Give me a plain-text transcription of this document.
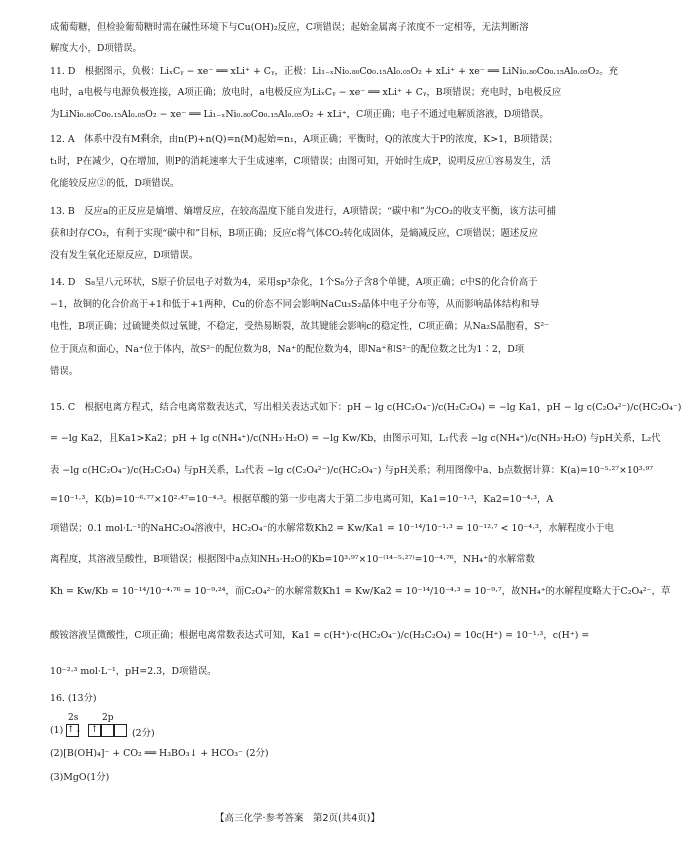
成葡萄糖，但检验葡萄糖时需在碱性环境下与Cu(OH)₂反应，C项错误；起始金属离子浓度不一定相等，无法判断溶
解度大小，D项错误。
11. D　根据图示，负极：LiₓCᵧ − xe⁻ ══ xLi⁺ + Cᵧ，正极：Li₁₋ₓNi₀.₈₀Co₀.₁₅Al₀.₀₅O₂ + xLi⁺ + xe⁻ ══ LiNi₀.₈₀Co₀.₁₅Al₀.₀₅O₂。充
电时，a电极与电源负极连接，A项正确；放电时，a电极反应为LiₓCᵧ − xe⁻ ══ xLi⁺ + Cᵧ，B项错误；充电时，b电极反应
为LiNi₀.₈₀Co₀.₁₅Al₀.₀₅O₂ − xe⁻ ══ Li₁₋ₓNi₀.₈₀Co₀.₁₅Al₀.₀₅O₂ + xLi⁺，C项正确；电子不通过电解质溶液，D项错误。
12. A　体系中没有M剩余，由n(P)+n(Q)=n(M)起始=n₁，A项正确；平衡时，Q的浓度大于P的浓度，K>1，B项错误；
t₁时，P在减少，Q在增加，则P的消耗速率大于生成速率，C项错误；由图可知，开始时生成P，说明反应①容易发生，活
化能较反应②的低，D项错误。
13. B　反应a的正反应是熵增、熵增反应，在较高温度下能自发进行，A项错误；“碳中和”为CO₂的收支平衡，该方法可捕
获和封存CO₂，有利于实现“碳中和”目标，B项正确；反应c将气体CO₂转化成固体，是熵减反应，C项错误；题述反应
没有发生氧化还原反应，D项错误。
14. D　S₈呈八元环状，S原子价层电子对数为4，采用sp³杂化，1个S₈分子含8个单键，A项正确；c中S的化合价高于
−1，故铜的化合价高于+1和低于+1两种，Cu的价态不同会影响NaCu₃S₂晶体中电子分布等，从而影响晶体结构和导
电性，B项正确；过硫键类似过氧键，不稳定，受热易断裂，故其键能会影响c的稳定性，C项正确；从Na₂S晶胞看，S²⁻
位于顶点和面心，Na⁺位于体内，故S²⁻的配位数为8，Na⁺的配位数为4，即Na⁺和S²⁻的配位数之比为1∶2，D项
错误。
15. C　根据电离方程式，结合电离常数表达式，写出相关表达式如下：pH − lg c(HC₂O₄⁻)/c(H₂C₂O₄) = −lg Ka1，pH − lg c(C₂O₄²⁻)/c(HC₂O₄⁻)
= −lg Ka2，且Ka1>Ka2；pH + lg c(NH₄⁺)/c(NH₃·H₂O) = −lg Kw/Kb，由图示可知，L₁代表 −lg c(NH₄⁺)/c(NH₃·H₂O) 与pH关系，L₂代
表 −lg c(HC₂O₄⁻)/c(H₂C₂O₄) 与pH关系，L₃代表 −lg c(C₂O₄²⁻)/c(HC₂O₄⁻) 与pH关系；利用图像中a、b点数据计算：K(a)=10⁻⁵·²⁷×10³·⁹⁷
=10⁻¹·³，K(b)=10⁻⁶·⁷⁷×10²·⁴⁷=10⁻⁴·³。根据草酸的第一步电离大于第二步电离可知，Ka1=10⁻¹·³，Ka2=10⁻⁴·³，A
项错误；0.1 mol·L⁻¹的NaHC₂O₄溶液中，HC₂O₄⁻的水解常数Kh2 = Kw/Ka1 = 10⁻¹⁴/10⁻¹·³ = 10⁻¹²·⁷ < 10⁻⁴·³，水解程度小于电
离程度，其溶液呈酸性，B项错误；根据图中a点知NH₃·H₂O的Kb=10³·⁹⁷×10⁻⁽¹⁴⁻⁵·²⁷⁾=10⁻⁴·⁷⁶，NH₄⁺的水解常数
Kh = Kw/Kb = 10⁻¹⁴/10⁻⁴·⁷⁶ = 10⁻⁹·²⁴，而C₂O₄²⁻的水解常数Kh1 = Kw/Ka2 = 10⁻¹⁴/10⁻⁴·³ = 10⁻⁹·⁷，故NH₄⁺的水解程度略大于C₂O₄²⁻，草
酸铵溶液呈微酸性，C项正确；根据电离常数表达式可知，Ka1 = c(H⁺)·c(HC₂O₄⁻)/c(H₂C₂O₄) = 10c(H⁺) = 10⁻¹·³，c(H⁺) =
10⁻²·³ mol·L⁻¹，pH=2.3，D项错误。
16. (13分)
(1)
2s
↑↓
2p
↑	(2分)
(2)[B(OH)₄]⁻ + CO₂ ══ H₃BO₃↓ + HCO₃⁻ (2分)
(3)MgO(1分)
【高三化学·参考答案　第2页(共4页)】
